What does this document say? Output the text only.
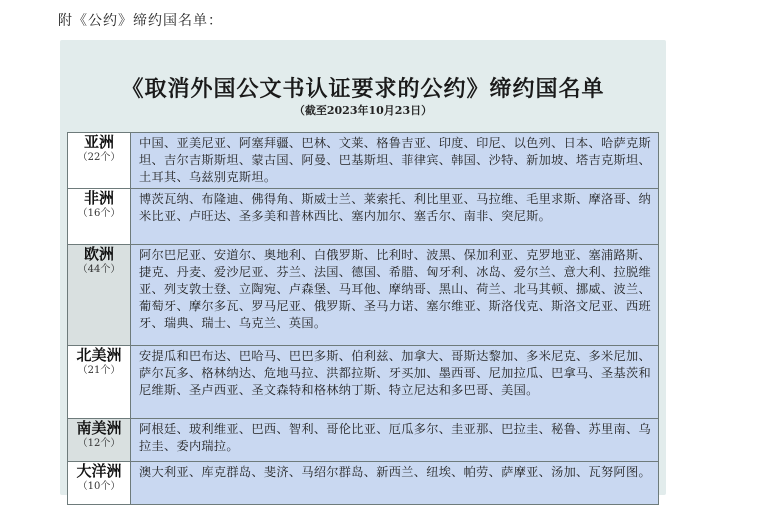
附《公约》缔约国名单：
《取消外国公文书认证要求的公约》缔约国名单
（截至2023年10月23日）
亚洲
（22个）	中国、亚美尼亚、阿塞拜疆、巴林、文莱、格鲁吉亚、印度、印尼、以色列、日本、哈萨克斯坦、吉尔吉斯斯坦、蒙古国、阿曼、巴基斯坦、菲律宾、韩国、沙特、新加坡、塔吉克斯坦、土耳其、乌兹别克斯坦。

非洲
（16个）	博茨瓦纳、布隆迪、佛得角、斯威士兰、莱索托、利比里亚、马拉维、毛里求斯、摩洛哥、纳米比亚、卢旺达、圣多美和普林西比、塞内加尔、塞舌尔、南非、突尼斯。

欧洲
（44个）	阿尔巴尼亚、安道尔、奥地利、白俄罗斯、比利时、波黑、保加利亚、克罗地亚、塞浦路斯、捷克、丹麦、爱沙尼亚、芬兰、法国、德国、希腊、匈牙利、冰岛、爱尔兰、意大利、拉脱维亚、列支敦士登、立陶宛、卢森堡、马耳他、摩纳哥、黑山、荷兰、北马其顿、挪威、波兰、葡萄牙、摩尔多瓦、罗马尼亚、俄罗斯、圣马力诺、塞尔维亚、斯洛伐克、斯洛文尼亚、西班牙、瑞典、瑞士、乌克兰、英国。

北美洲
（21个）	安提瓜和巴布达、巴哈马、巴巴多斯、伯利兹、加拿大、哥斯达黎加、多米尼克、多米尼加、萨尔瓦多、格林纳达、危地马拉、洪都拉斯、牙买加、墨西哥、尼加拉瓜、巴拿马、圣基茨和尼维斯、圣卢西亚、圣文森特和格林纳丁斯、特立尼达和多巴哥、美国。

南美洲
（12个）	阿根廷、玻利维亚、巴西、智利、哥伦比亚、厄瓜多尔、圭亚那、巴拉圭、秘鲁、苏里南、乌拉圭、委内瑞拉。

大洋洲
（10个）	澳大利亚、库克群岛、斐济、马绍尔群岛、新西兰、纽埃、帕劳、萨摩亚、汤加、瓦努阿图。
